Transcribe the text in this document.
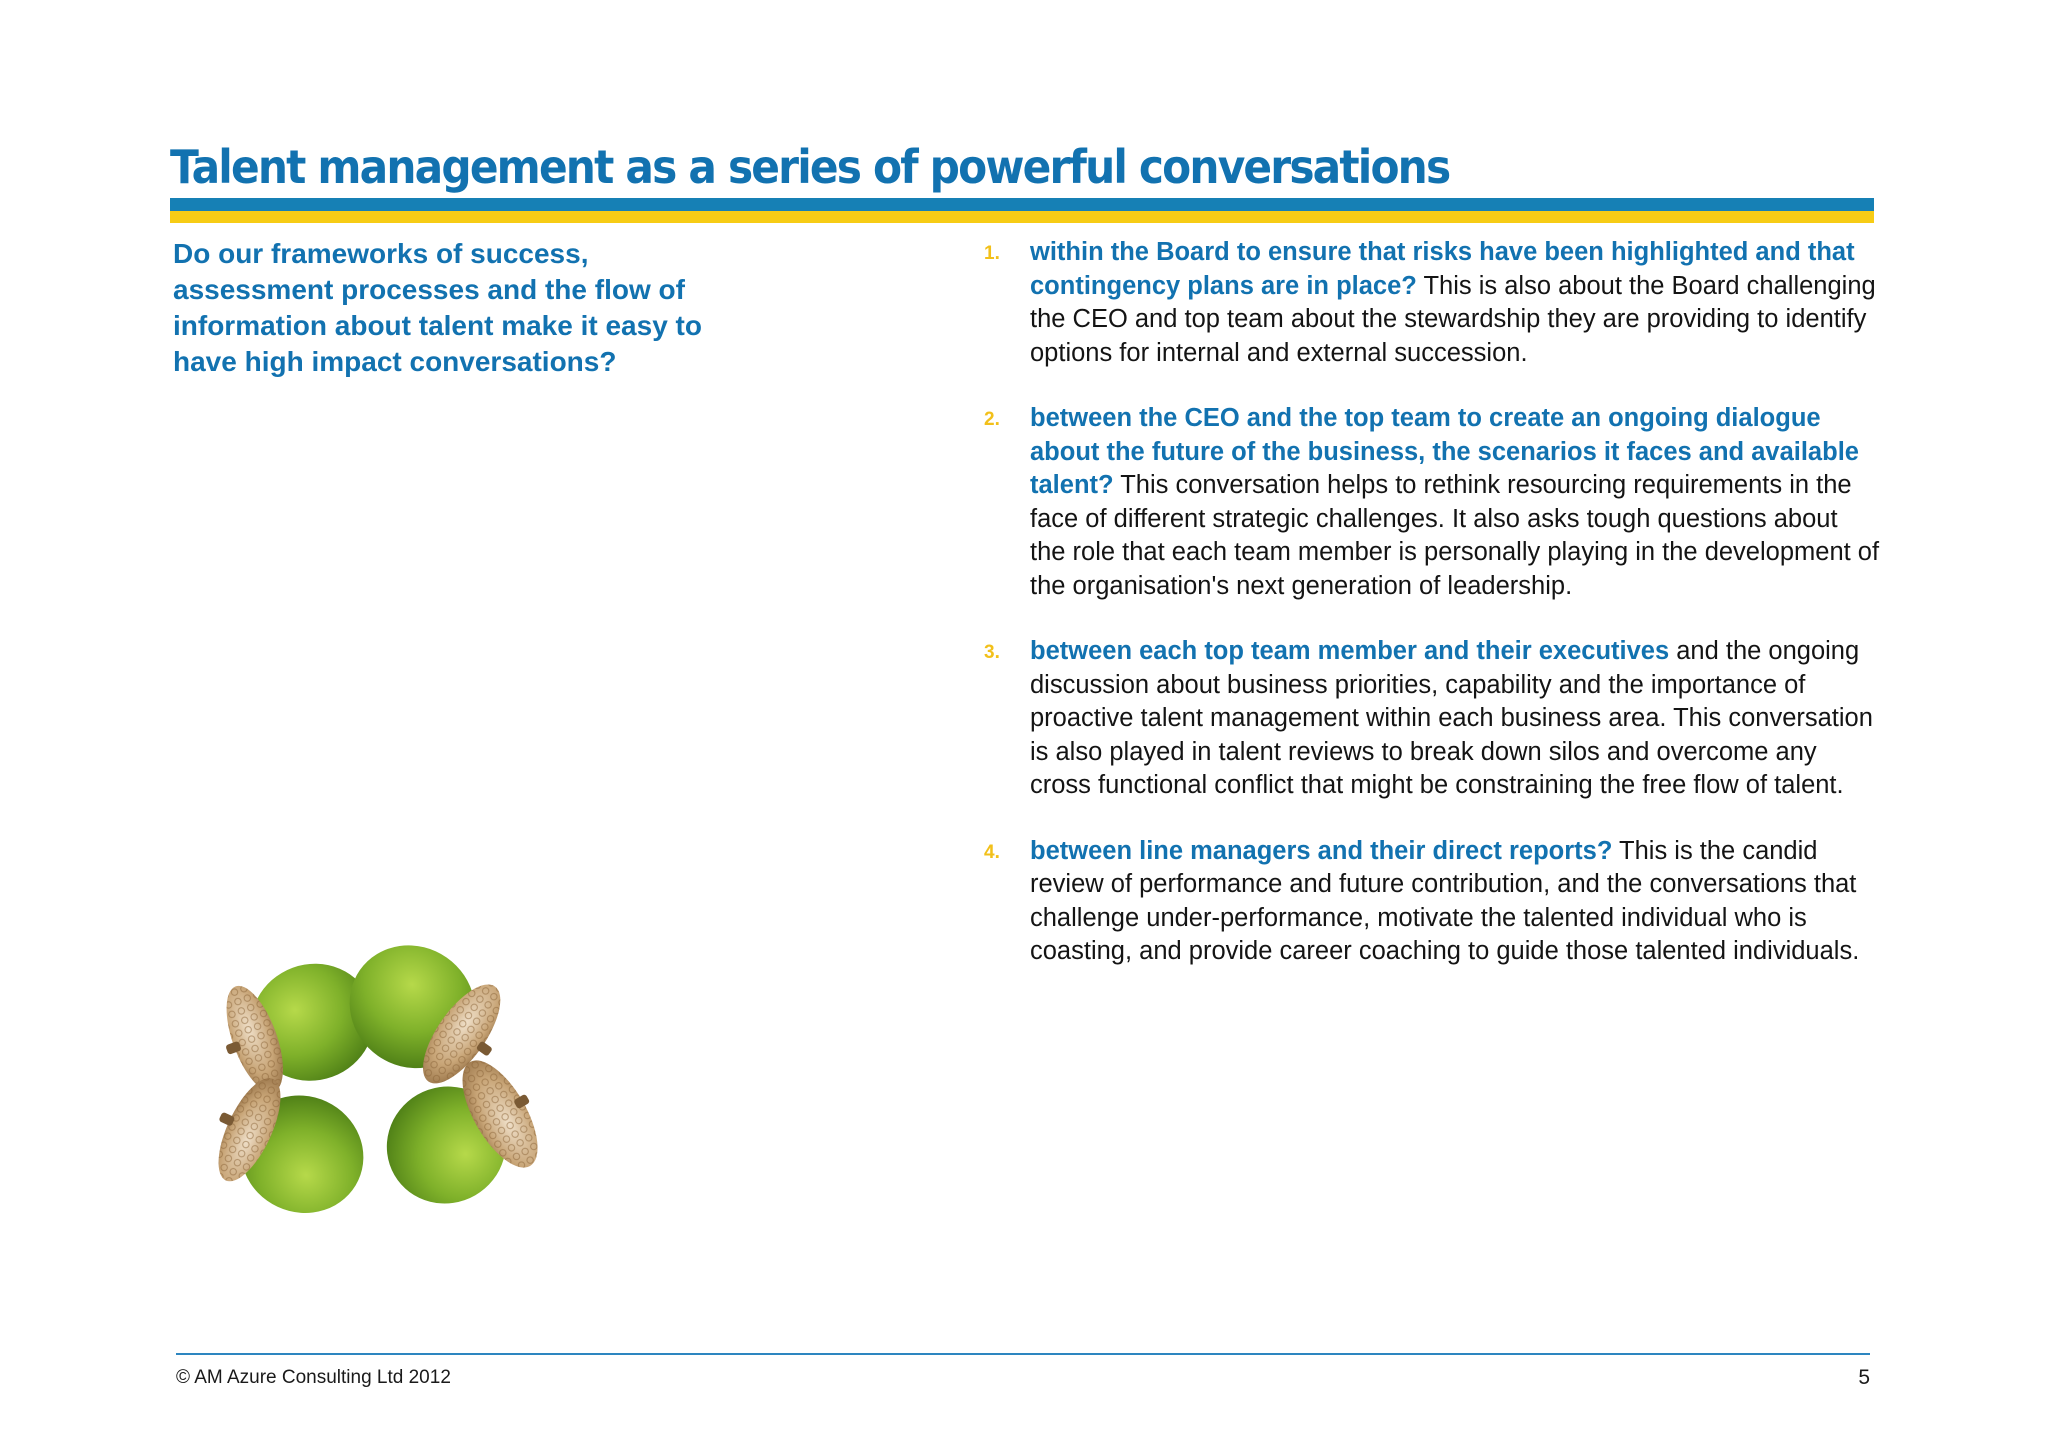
Talent management as a series of powerful conversations

Do our frameworks of success, assessment processes and the flow of information about talent make it easy to have high impact conversations?

1. within the Board to ensure that risks have been highlighted and that contingency plans are in place? This is also about the Board challenging the CEO and top team about the stewardship they are providing to identify options for internal and external succession.
2. between the CEO and the top team to create an ongoing dialogue about the future of the business, the scenarios it faces and available talent? This conversation helps to rethink resourcing requirements in the face of different strategic challenges. It also asks tough questions about the role that each team member is personally playing in the development of the organisation's next generation of leadership.
3. between each top team member and their executives and the ongoing discussion about business priorities, capability and the importance of proactive talent management within each business area. This conversation is also played in talent reviews to break down silos and overcome any cross functional conflict that might be constraining the free flow of talent.
4. between line managers and their direct reports? This is the candid review of performance and future contribution, and the conversations that challenge under-performance, motivate the talented individual who is coasting, and provide career coaching to guide those talented individuals.
© AM Azure Consulting Ltd 2012	5
